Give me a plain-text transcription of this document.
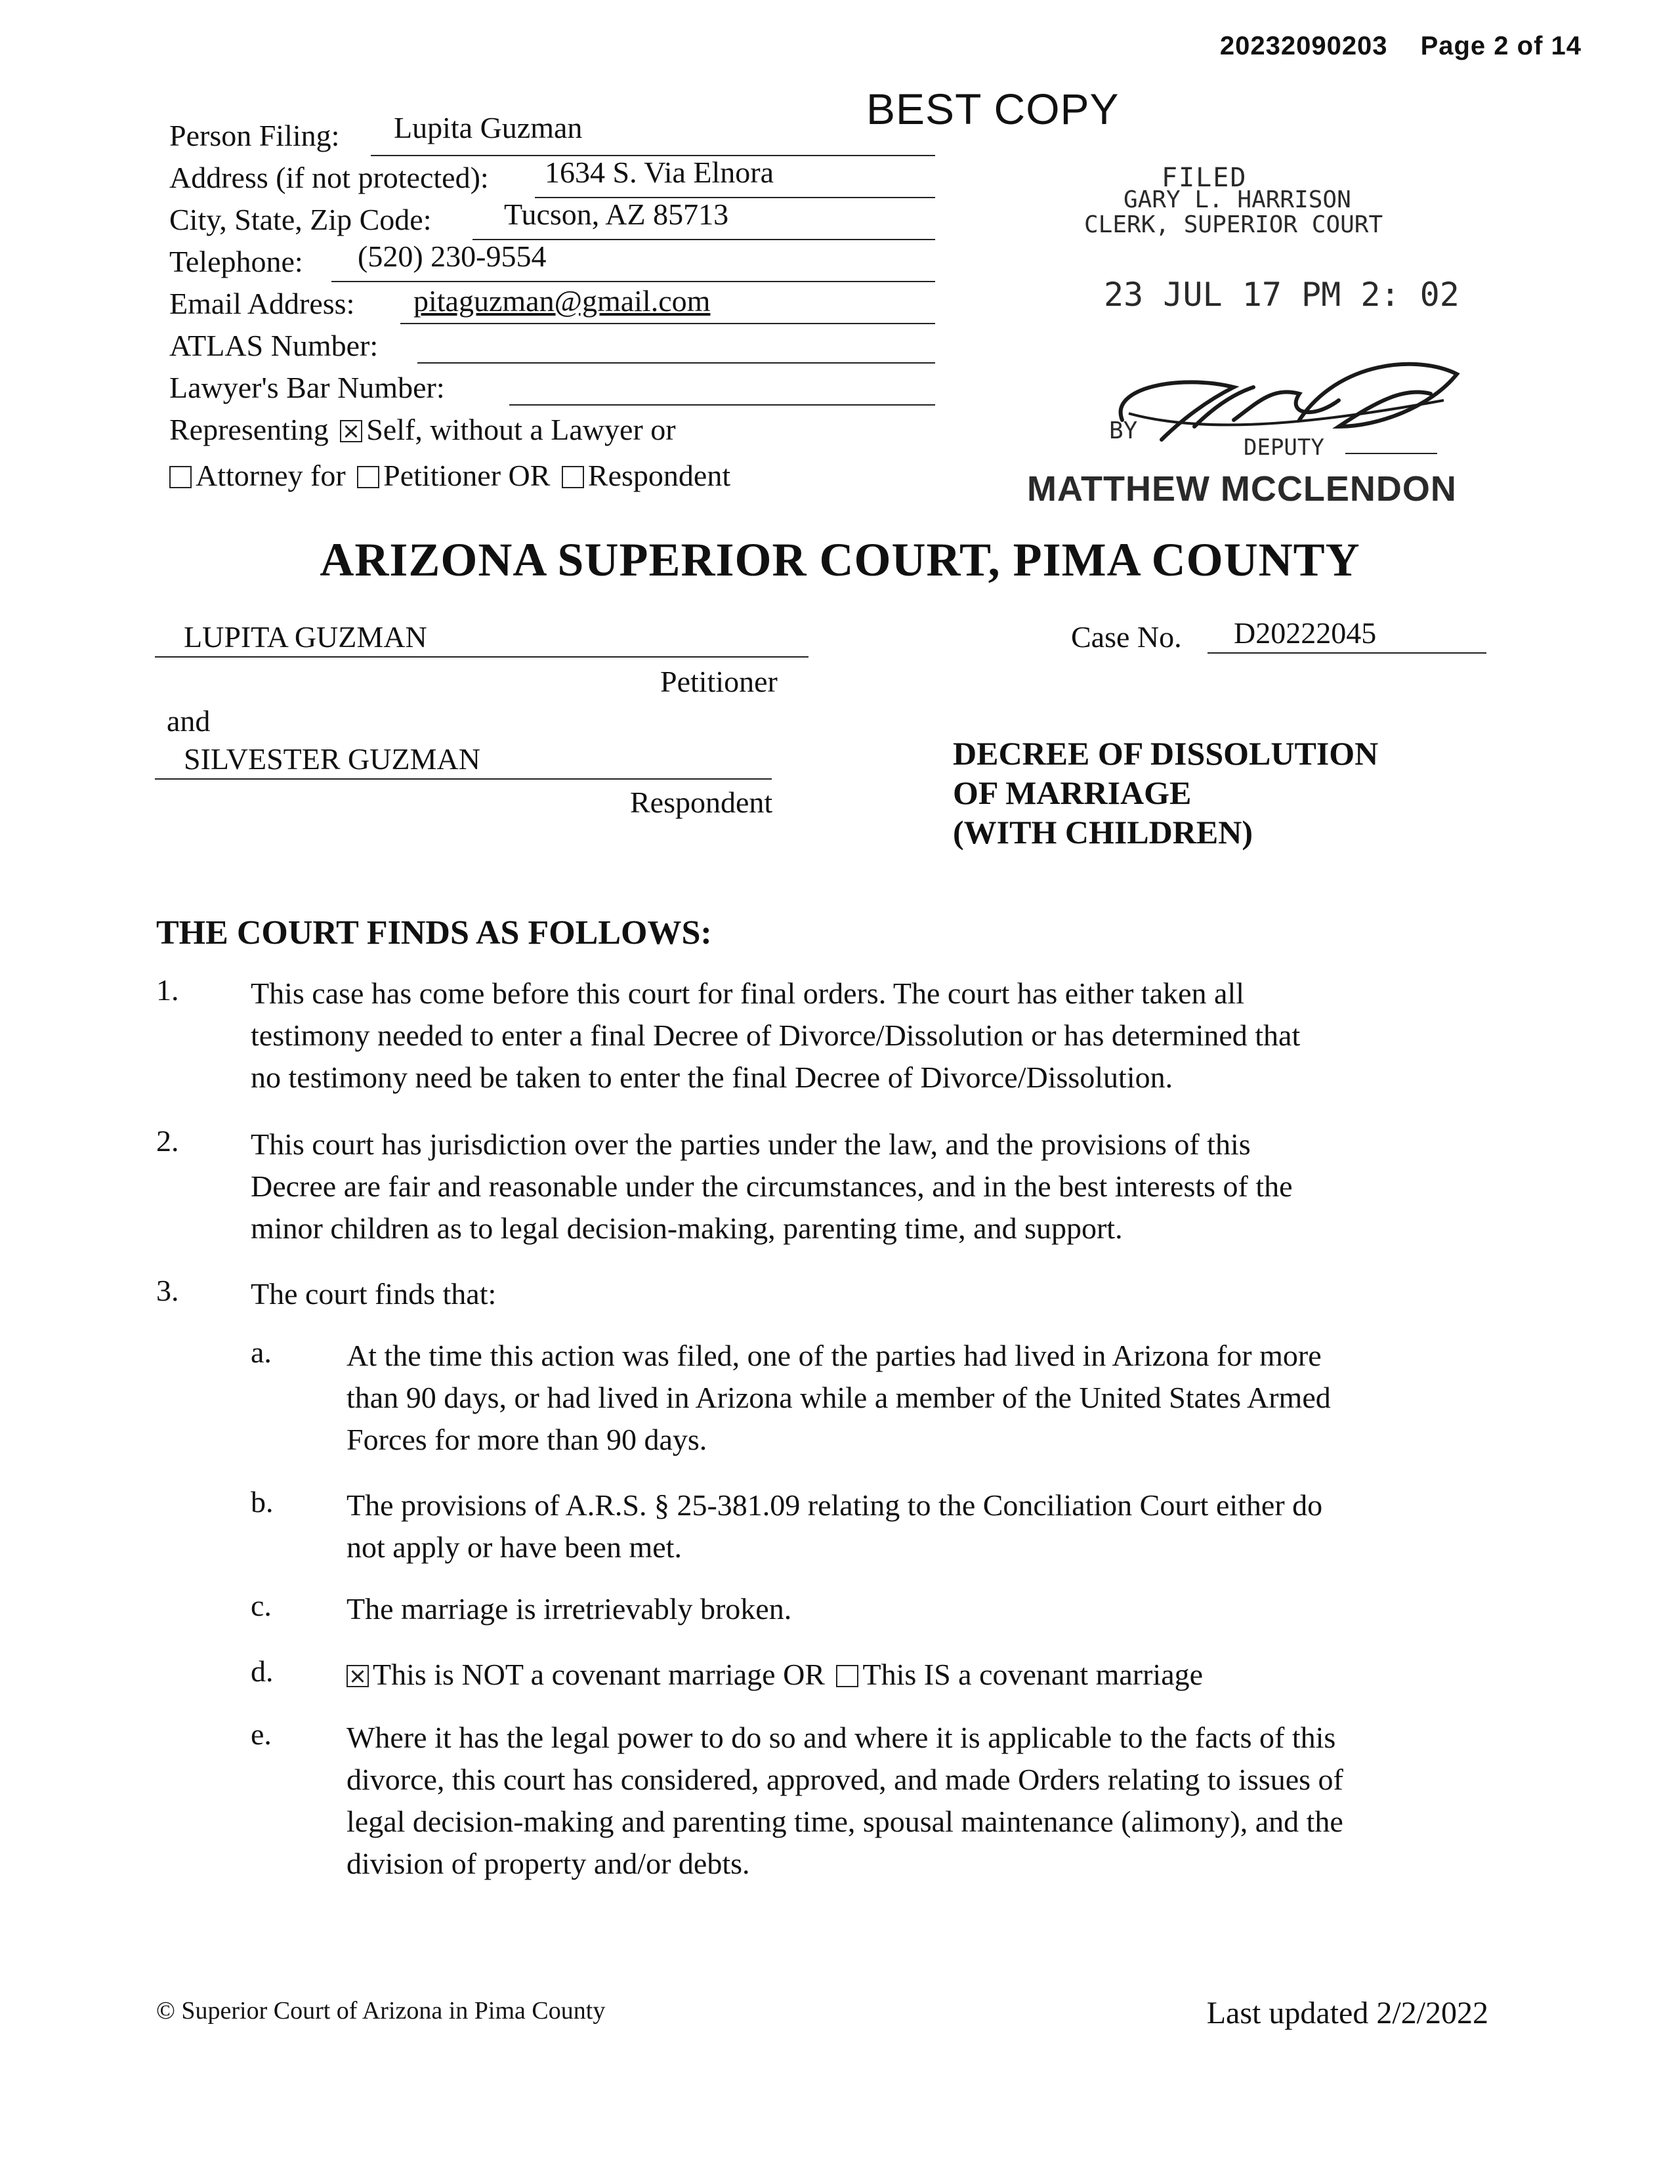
20232090203 Page 2 of 14
BEST COPY
Person Filing: Lupita Guzman
Address (if not protected): 1634 S. Via Elnora
City, State, Zip Code: Tucson, AZ 85713
Telephone: (520) 230-9554
Email Address: pitaguzman@gmail.com
ATLAS Number:
Lawyer's Bar Number:
Representing Self, without a Lawyer or
Attorney for Petitioner OR Respondent
FILED
GARY L. HARRISON
CLERK, SUPERIOR COURT
23 JUL 17 PM 2: 02
BY
DEPUTY
MATTHEW MCCLENDON
ARIZONA SUPERIOR COURT, PIMA COUNTY
LUPITA GUZMAN
Petitioner
and
SILVESTER GUZMAN
Respondent
Case No. D20222045
DECREE OF DISSOLUTION
OF MARRIAGE
(WITH CHILDREN)
THE COURT FINDS AS FOLLOWS:
1. This case has come before this court for final orders. The court has either taken all
testimony needed to enter a final Decree of Divorce/Dissolution or has determined that
no testimony need be taken to enter the final Decree of Divorce/Dissolution.
2. This court has jurisdiction over the parties under the law, and the provisions of this
Decree are fair and reasonable under the circumstances, and in the best interests of the
minor children as to legal decision-making, parenting time, and support.
3. The court finds that:
a. At the time this action was filed, one of the parties had lived in Arizona for more
than 90 days, or had lived in Arizona while a member of the United States Armed
Forces for more than 90 days.
b. The provisions of A.R.S. § 25-381.09 relating to the Conciliation Court either do
not apply or have been met.
c. The marriage is irretrievably broken.
d.	This is NOT a covenant marriage OR This IS a covenant marriage
e. Where it has the legal power to do so and where it is applicable to the facts of this
divorce, this court has considered, approved, and made Orders relating to issues of
legal decision-making and parenting time, spousal maintenance (alimony), and the
division of property and/or debts.
© Superior Court of Arizona in Pima County	Last updated 2/2/2022
